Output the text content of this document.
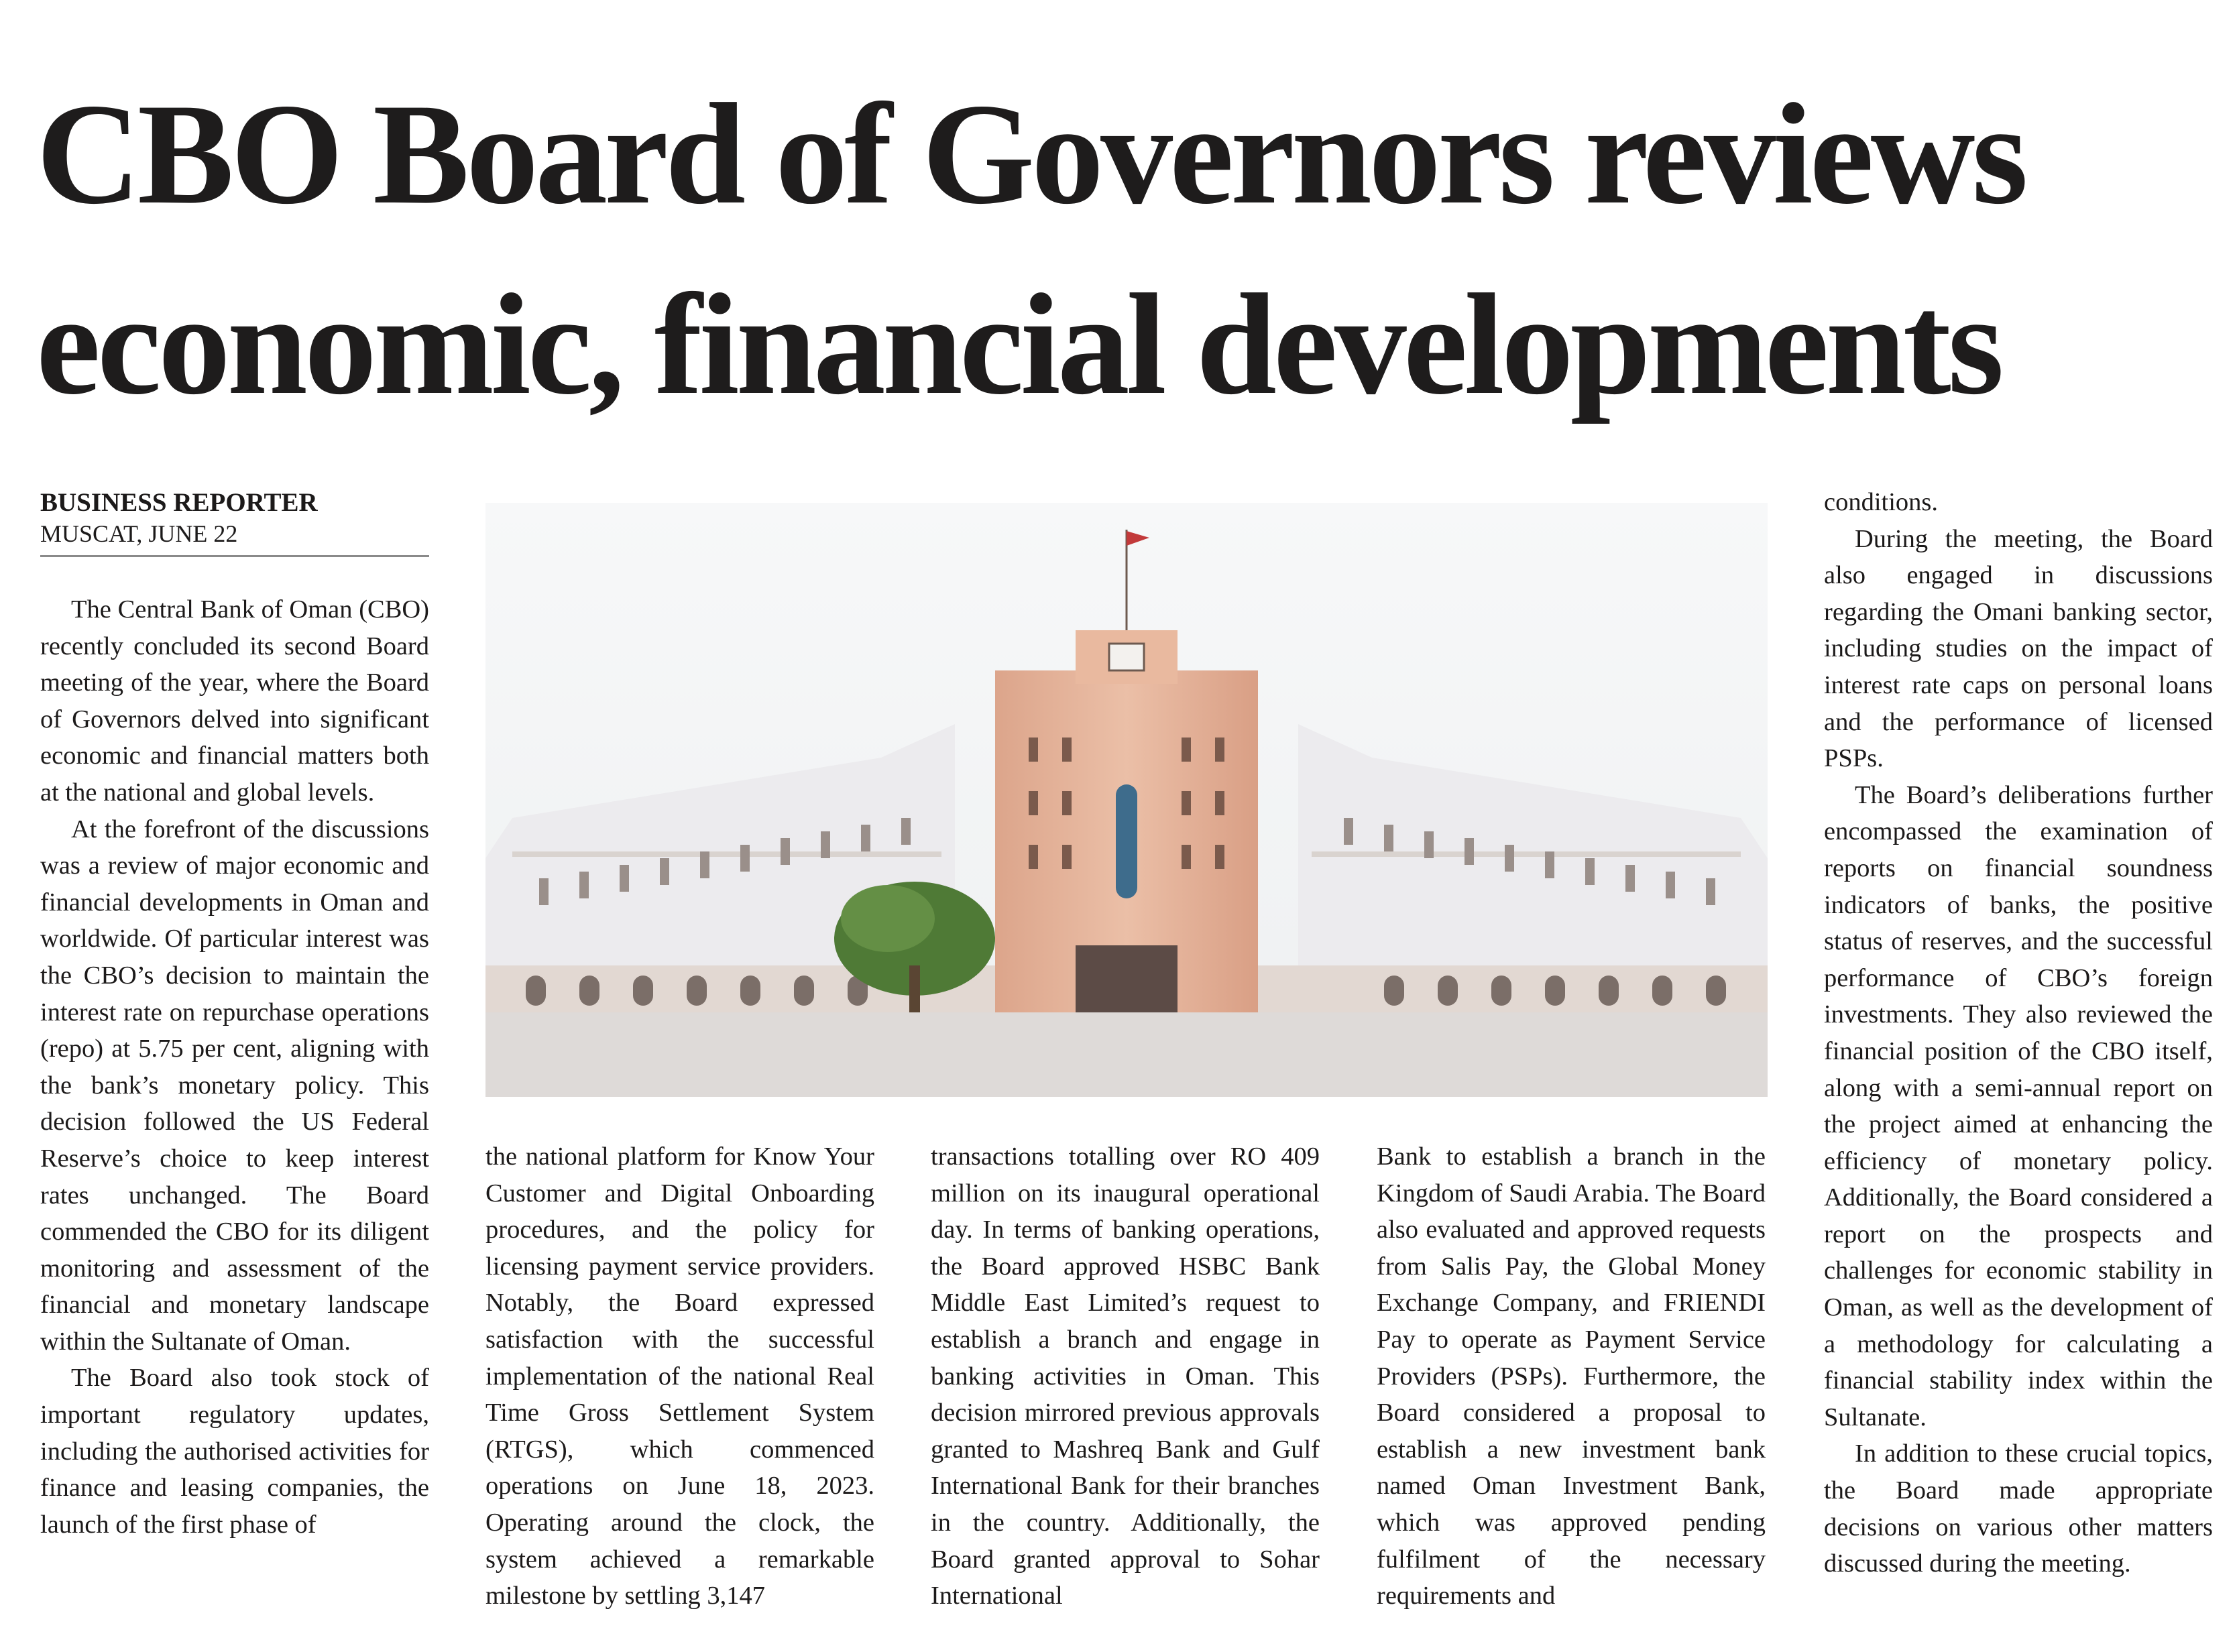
CBO Board of Governors reviews
economic, financial developments
BUSINESS REPORTER
MUSCAT, JUNE 22

The Central Bank of Oman (CBO) recently concluded its second Board meeting of the year, where the Board of Governors delved into significant economic and financial matters both at the national and global levels.

At the forefront of the discussions was a review of major economic and financial developments in Oman and worldwide. Of particular interest was the CBO’s decision to maintain the interest rate on repurchase operations (repo) at 5.75 per cent, aligning with the bank’s monetary policy. This decision followed the US Federal Reserve’s choice to keep interest rates unchanged. The Board commended the CBO for its diligent monitoring and assessment of the financial and monetary landscape within the Sultanate of Oman.

The Board also took stock of important regulatory updates, including the authorised activities for finance and leasing companies, the launch of the first phase of

the national platform for Know Your Customer and Digital Onboarding procedures, and the policy for licensing payment service providers. Notably, the Board expressed satisfaction with the successful implementation of the national Real Time Gross Settlement System (RTGS), which commenced operations on June 18, 2023. Operating around the clock, the system achieved a remarkable milestone by settling 3,147

transactions totalling over RO 409 million on its inaugural operational day. In terms of banking operations, the Board approved HSBC Bank Middle East Limited’s request to establish a branch and engage in banking activities in Oman. This decision mirrored previous approvals granted to Mashreq Bank and Gulf International Bank for their branches in the country. Additionally, the Board granted approval to Sohar International

Bank to establish a branch in the Kingdom of Saudi Arabia. The Board also evaluated and approved requests from Salis Pay, the Global Money Exchange Company, and FRIENDI Pay to operate as Payment Service Providers (PSPs). Furthermore, the Board considered a proposal to establish a new investment bank named Oman Investment Bank, which was approved pending fulfilment of the necessary requirements and

conditions.

During the meeting, the Board also engaged in discussions regarding the Omani banking sector, including studies on the impact of interest rate caps on personal loans and the performance of licensed PSPs.

The Board’s deliberations further encompassed the examination of reports on financial soundness indicators of banks, the positive status of reserves, and the successful performance of CBO’s foreign investments. They also reviewed the financial position of the CBO itself, along with a semi-annual report on the project aimed at enhancing the efficiency of monetary policy. Additionally, the Board considered a report on the prospects and challenges for economic stability in Oman, as well as the development of a methodology for calculating a financial stability index within the Sultanate.

In addition to these crucial topics, the Board made appropriate decisions on various other matters discussed during the meeting.
